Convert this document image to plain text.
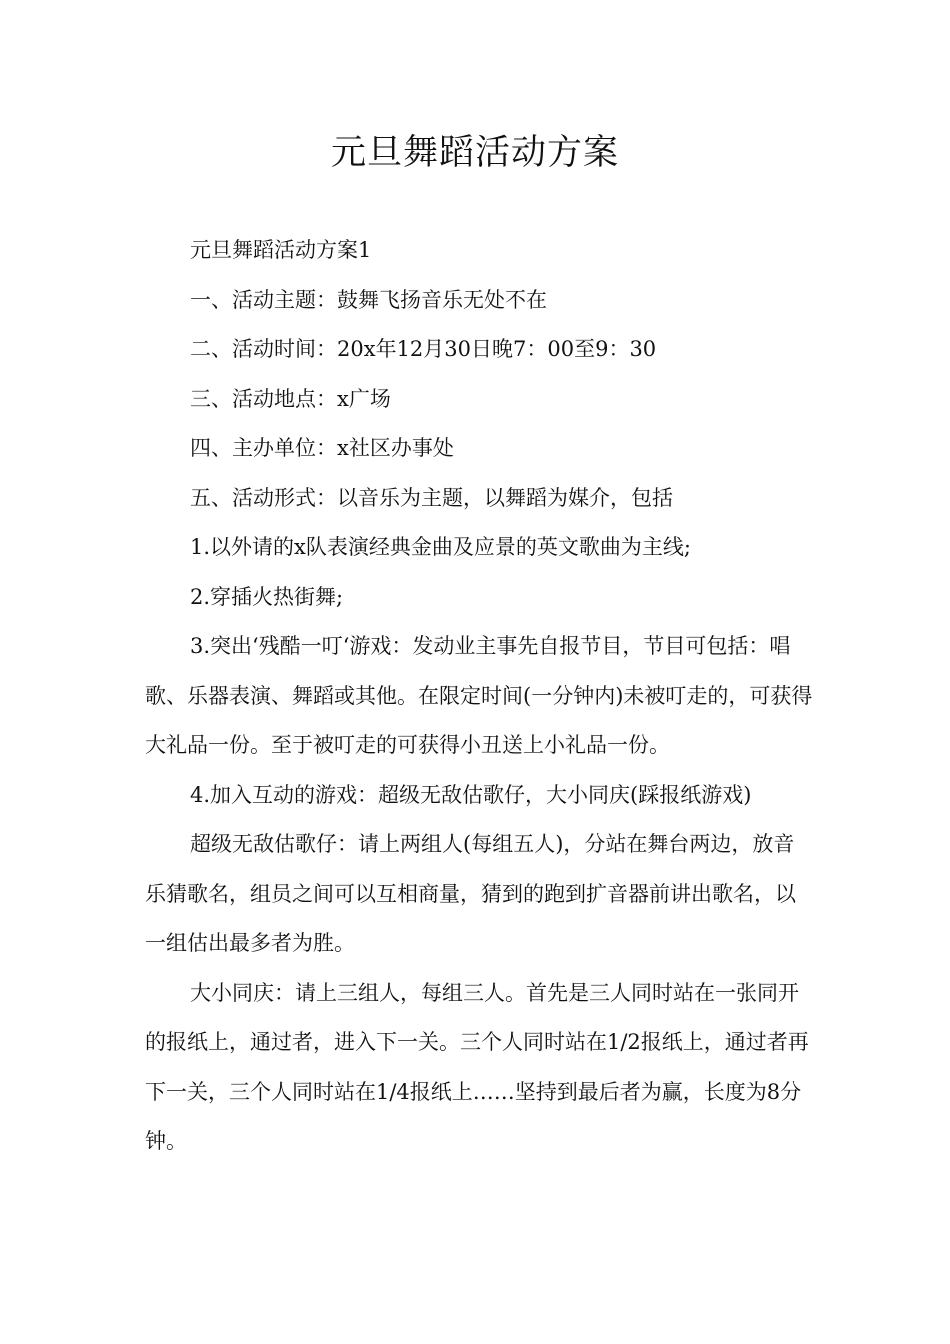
元旦舞蹈活动方案

元旦舞蹈活动方案1

一、活动主题：鼓舞飞扬音乐无处不在

二、活动时间：20x年12月30日晚7：00至9：30

三、活动地点：x广场

四、主办单位：x社区办事处

五、活动形式：以音乐为主题，以舞蹈为媒介，包括

1.以外请的x队表演经典金曲及应景的英文歌曲为主线;

2.穿插火热街舞;

3.突出‘残酷一叮‘游戏：发动业主事先自报节目，节目可包括：唱歌、乐器表演、舞蹈或其他。在限定时间(一分钟内)未被叮走的，可获得大礼品一份。至于被叮走的可获得小丑送上小礼品一份。

4.加入互动的游戏：超级无敌估歌仔，大小同庆(踩报纸游戏)

超级无敌估歌仔：请上两组人(每组五人)，分站在舞台两边，放音乐猜歌名，组员之间可以互相商量，猜到的跑到扩音器前讲出歌名，以一组估出最多者为胜。

大小同庆：请上三组人，每组三人。首先是三人同时站在一张同开的报纸上，通过者，进入下一关。三个人同时站在1/2报纸上，通过者再下一关，三个人同时站在1/4报纸上……坚持到最后者为赢，长度为8分钟。
